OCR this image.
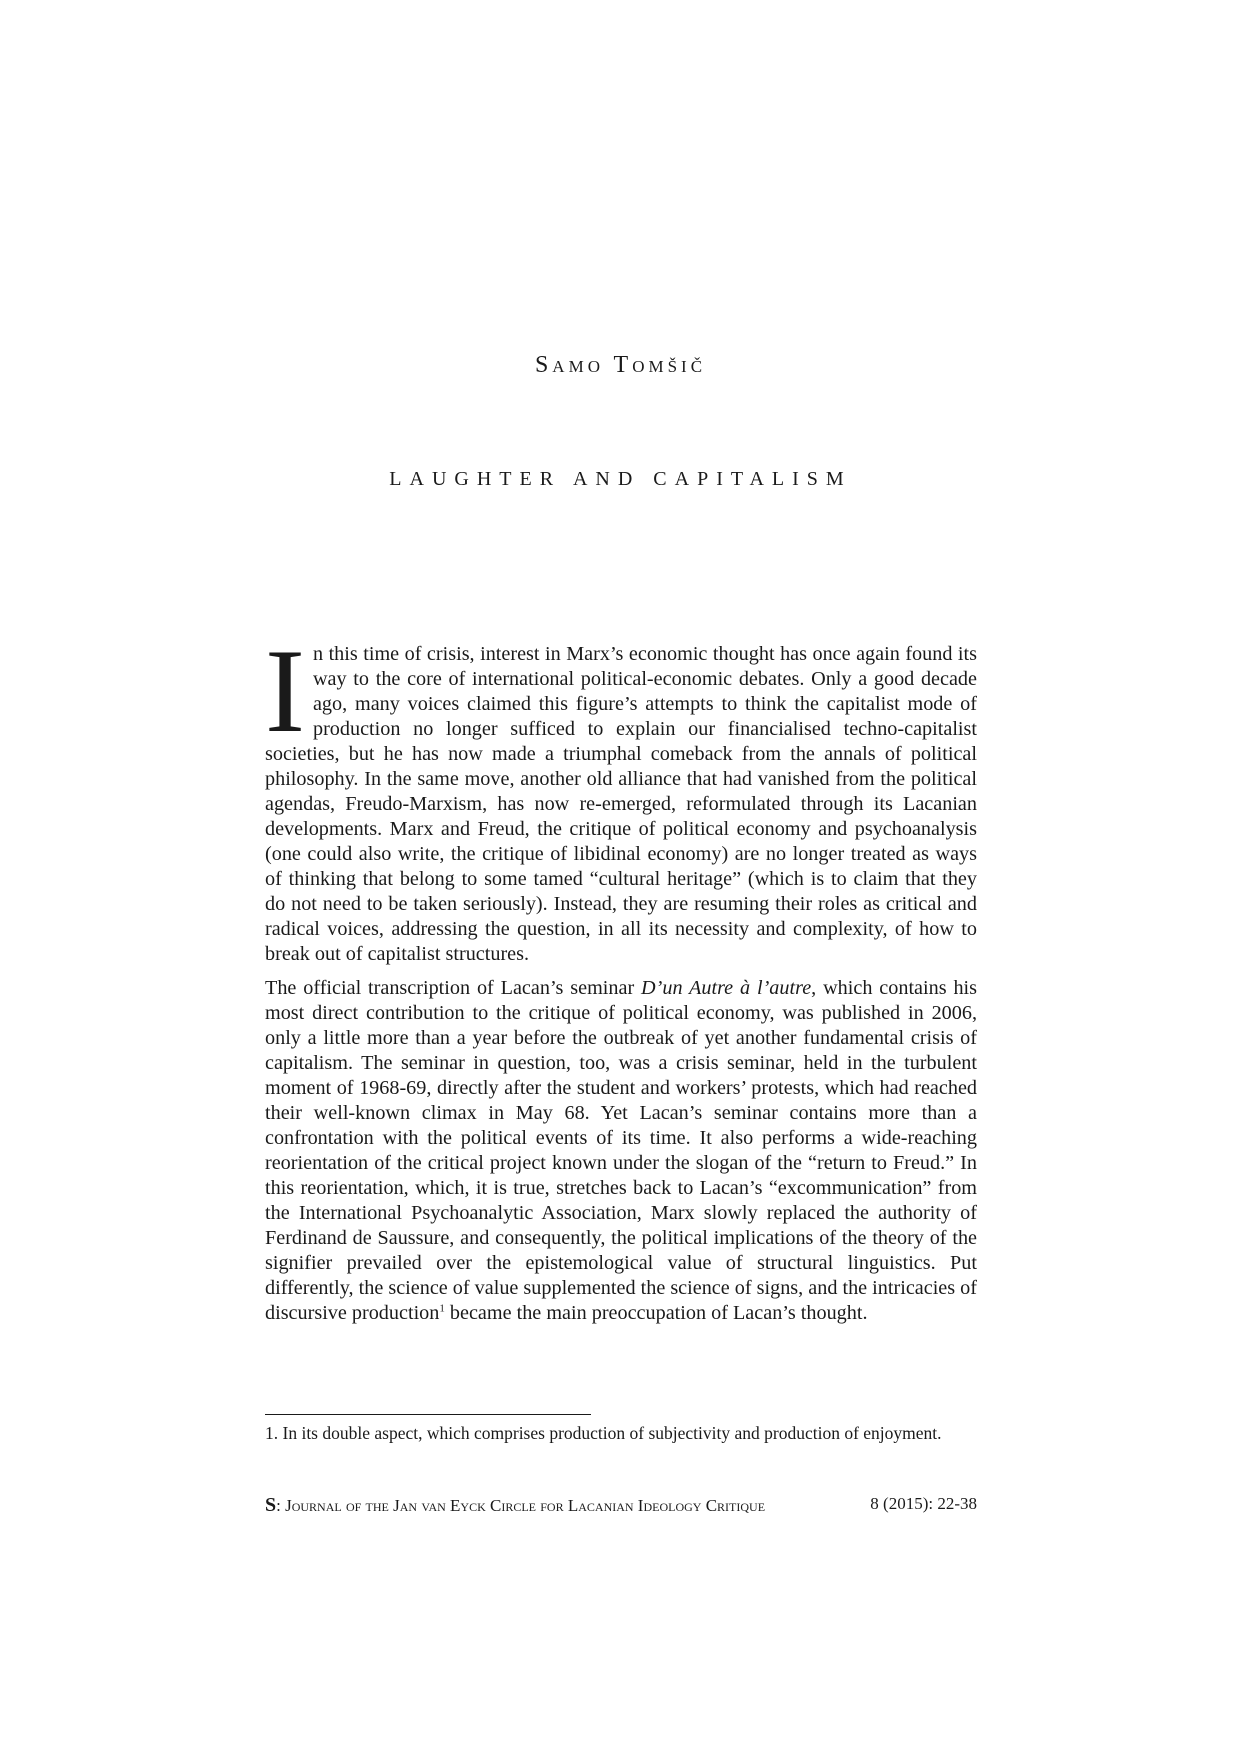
Samo Tomšič
LAUGHTER AND CAPITALISM

In this time of crisis, interest in Marx’s economic thought has once again found its way to the core of international political-economic debates. Only a good decade ago, many voices claimed this figure’s attempts to think the capitalist mode of production no longer sufficed to explain our financialised techno-capitalist societies, but he has now made a triumphal comeback from the annals of political philosophy. In the same move, another old alliance that had vanished from the political agendas, Freudo-Marxism, has now re-emerged, reformulated through its Lacanian developments. Marx and Freud, the critique of political economy and psychoanalysis (one could also write, the critique of libidinal economy) are no longer treated as ways of thinking that belong to some tamed “cultural heritage” (which is to claim that they do not need to be taken seriously). Instead, they are resuming their roles as critical and radical voices, addressing the question, in all its necessity and complexity, of how to break out of capitalist structures.

The official transcription of Lacan’s seminar D’un Autre à l’autre, which contains his most direct contribution to the critique of political economy, was published in 2006, only a little more than a year before the outbreak of yet another fundamental crisis of capitalism. The seminar in question, too, was a crisis seminar, held in the turbulent moment of 1968-69, directly after the student and workers’ protests, which had reached their well-known climax in May 68. Yet Lacan’s seminar contains more than a confrontation with the political events of its time. It also performs a wide-reaching reorientation of the critical project known under the slogan of the “return to Freud.” In this reorientation, which, it is true, stretches back to Lacan’s “excommunication” from the International Psychoanalytic Association, Marx slowly replaced the authority of Ferdinand de Saussure, and consequently, the political implications of the theory of the signifier prevailed over the epistemological value of structural linguistics. Put differently, the science of value supplemented the science of signs, and the intricacies of discursive production$^1$ became the main preoccupation of Lacan’s thought.

1. In its double aspect, which comprises production of subjectivity and production of enjoyment.
S: Journal of the Jan van Eyck Circle for Lacanian Ideology Critique	8 (2015): 22-38
